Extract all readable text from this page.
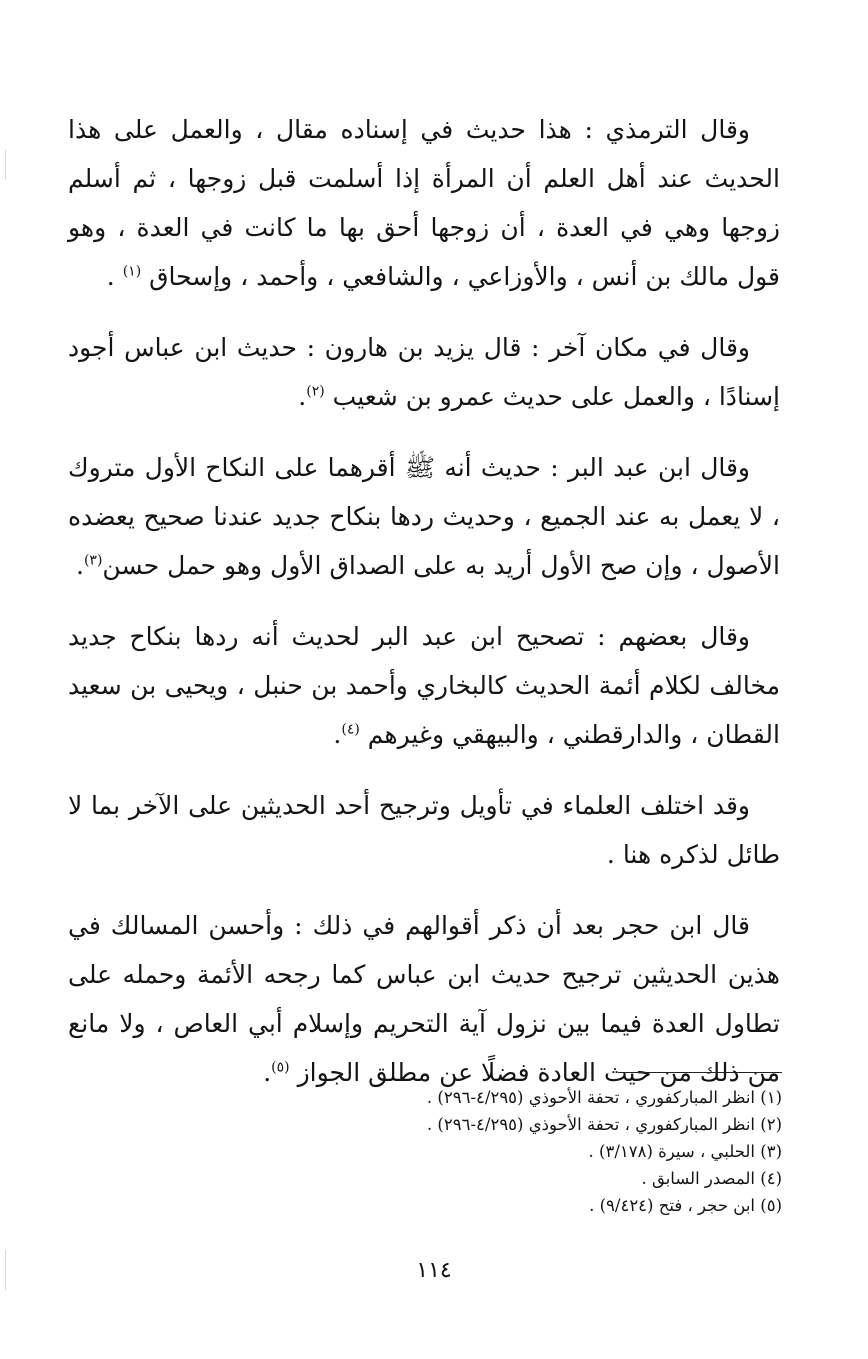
وقال الترمذي : هذا حديث في إسناده مقال ، والعمل على هذا الحديث عند أهل العلم أن المرأة إذا أسلمت قبل زوجها ، ثم أسلم زوجها وهي في العدة ، أن زوجها أحق بها ما كانت في العدة ، وهو قول مالك بن أنس ، والأوزاعي ، والشافعي ، وأحمد ، وإسحاق $^{(١)}$ .

وقال في مكان آخر : قال يزيد بن هارون : حديث ابن عباس أجود إسنادًا ، والعمل على حديث عمرو بن شعيب $^{(٢)}$.

وقال ابن عبد البر : حديث أنه ﷺ أقرهما على النكاح الأول متروك ، لا يعمل به عند الجميع ، وحديث ردها بنكاح جديد عندنا صحيح يعضده الأصول ، وإن صح الأول أريد به على الصداق الأول وهو حمل حسن$^{(٣)}$.

وقال بعضهم : تصحيح ابن عبد البر لحديث أنه ردها بنكاح جديد مخالف لكلام أئمة الحديث كالبخاري وأحمد بن حنبل ، ويحيى بن سعيد القطان ، والدارقطني ، والبيهقي وغيرهم $^{(٤)}$.

وقد اختلف العلماء في تأويل وترجيح أحد الحديثين على الآخر بما لا طائل لذكره هنا .

قال ابن حجر بعد أن ذكر أقوالهم في ذلك : وأحسن المسالك في هذين الحديثين ترجيح حديث ابن عباس كما رجحه الأئمة وحمله على تطاول العدة فيما بين نزول آية التحريم وإسلام أبي العاص ، ولا مانع من ذلك من حيث العادة فضلًا عن مطلق الجواز $^{(٥)}$.

(١) انظر المباركفوري ، تحفة الأحوذي (٤/٢٩٥-٢٩٦) .
(٢) انظر المباركفوري ، تحفة الأحوذي (٤/٢٩٥-٢٩٦) .
(٣) الحلبي ، سيرة (٣/١٧٨) .
(٤) المصدر السابق .
(٥) ابن حجر ، فتح (٩/٤٢٤) .
١١٤
